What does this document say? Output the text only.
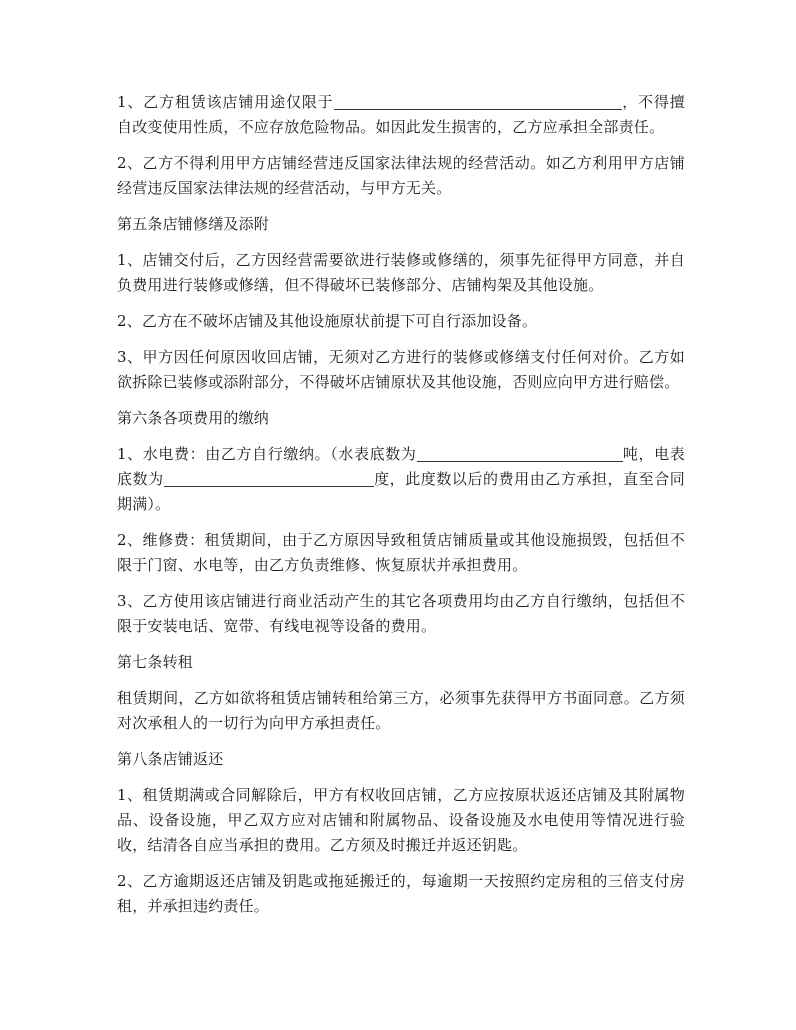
1、乙方租赁该店铺用途仅限于	，不得擅自改变使用性质，不应存放危险物品。如因此发生损害的，乙方应承担全部责任。

2、乙方不得利用甲方店铺经营违反国家法律法规的经营活动。如乙方利用甲方店铺经营违反国家法律法规的经营活动，与甲方无关。

第五条店铺修缮及添附

1、店铺交付后，乙方因经营需要欲进行装修或修缮的，须事先征得甲方同意，并自负费用进行装修或修缮，但不得破坏已装修部分、店铺构架及其他设施。

2、乙方在不破坏店铺及其他设施原状前提下可自行添加设备。

3、甲方因任何原因收回店铺，无须对乙方进行的装修或修缮支付任何对价。乙方如欲拆除已装修或添附部分，不得破坏店铺原状及其他设施，否则应向甲方进行赔偿。

第六条各项费用的缴纳

1、水电费：由乙方自行缴纳。（水表底数为	吨，电表底数为	度，此度数以后的费用由乙方承担，直至合同期满）。

2、维修费：租赁期间，由于乙方原因导致租赁店铺质量或其他设施损毁，包括但不限于门窗、水电等，由乙方负责维修、恢复原状并承担费用。

3、乙方使用该店铺进行商业活动产生的其它各项费用均由乙方自行缴纳，包括但不限于安装电话、宽带、有线电视等设备的费用。

第七条转租

租赁期间，乙方如欲将租赁店铺转租给第三方，必须事先获得甲方书面同意。乙方须对次承租人的一切行为向甲方承担责任。

第八条店铺返还

1、租赁期满或合同解除后，甲方有权收回店铺，乙方应按原状返还店铺及其附属物品、设备设施，甲乙双方应对店铺和附属物品、设备设施及水电使用等情况进行验收，结清各自应当承担的费用。乙方须及时搬迁并返还钥匙。

2、乙方逾期返还店铺及钥匙或拖延搬迁的，每逾期一天按照约定房租的三倍支付房租，并承担违约责任。
